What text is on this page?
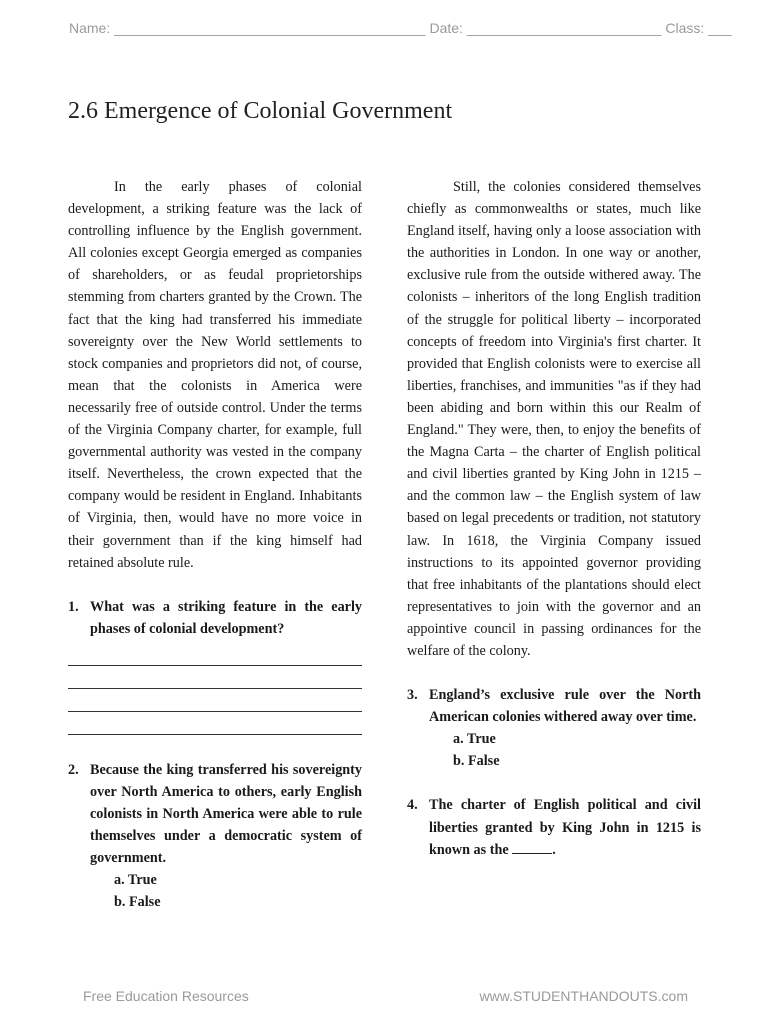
Name: ________________________________________ Date: _________________________ Class: ___
2.6 Emergence of Colonial Government

In the early phases of colonial development, a striking feature was the lack of controlling influence by the English government. All colonies except Georgia emerged as companies of shareholders, or as feudal proprietorships stemming from charters granted by the Crown. The fact that the king had transferred his immediate sovereignty over the New World settlements to stock companies and proprietors did not, of course, mean that the colonists in America were necessarily free of outside control. Under the terms of the Virginia Company charter, for example, full governmental authority was vested in the company itself. Nevertheless, the crown expected that the company would be resident in England. Inhabitants of Virginia, then, would have no more voice in their government than if the king himself had retained absolute rule.

1. What was a striking feature in the early phases of colonial development?
2. Because the king transferred his sovereignty over North America to others, early English colonists in North America were able to rule themselves under a democratic system of government.
a. True
b. False

Still, the colonies considered themselves chiefly as commonwealths or states, much like England itself, having only a loose association with the authorities in London. In one way or another, exclusive rule from the outside withered away. The colonists – inheritors of the long English tradition of the struggle for political liberty – incorporated concepts of freedom into Virginia's first charter. It provided that English colonists were to exercise all liberties, franchises, and immunities "as if they had been abiding and born within this our Realm of England." They were, then, to enjoy the benefits of the Magna Carta – the charter of English political and civil liberties granted by King John in 1215 – and the common law – the English system of law based on legal precedents or tradition, not statutory law. In 1618, the Virginia Company issued instructions to its appointed governor providing that free inhabitants of the plantations should elect representatives to join with the governor and an appointive council in passing ordinances for the welfare of the colony.

3. England’s exclusive rule over the North American colonies withered away over time.
a. True
b. False
4. The charter of English political and civil liberties granted by King John in 1215 is known as the	.
Free Education Resources	www.STUDENTHANDOUTS.com
